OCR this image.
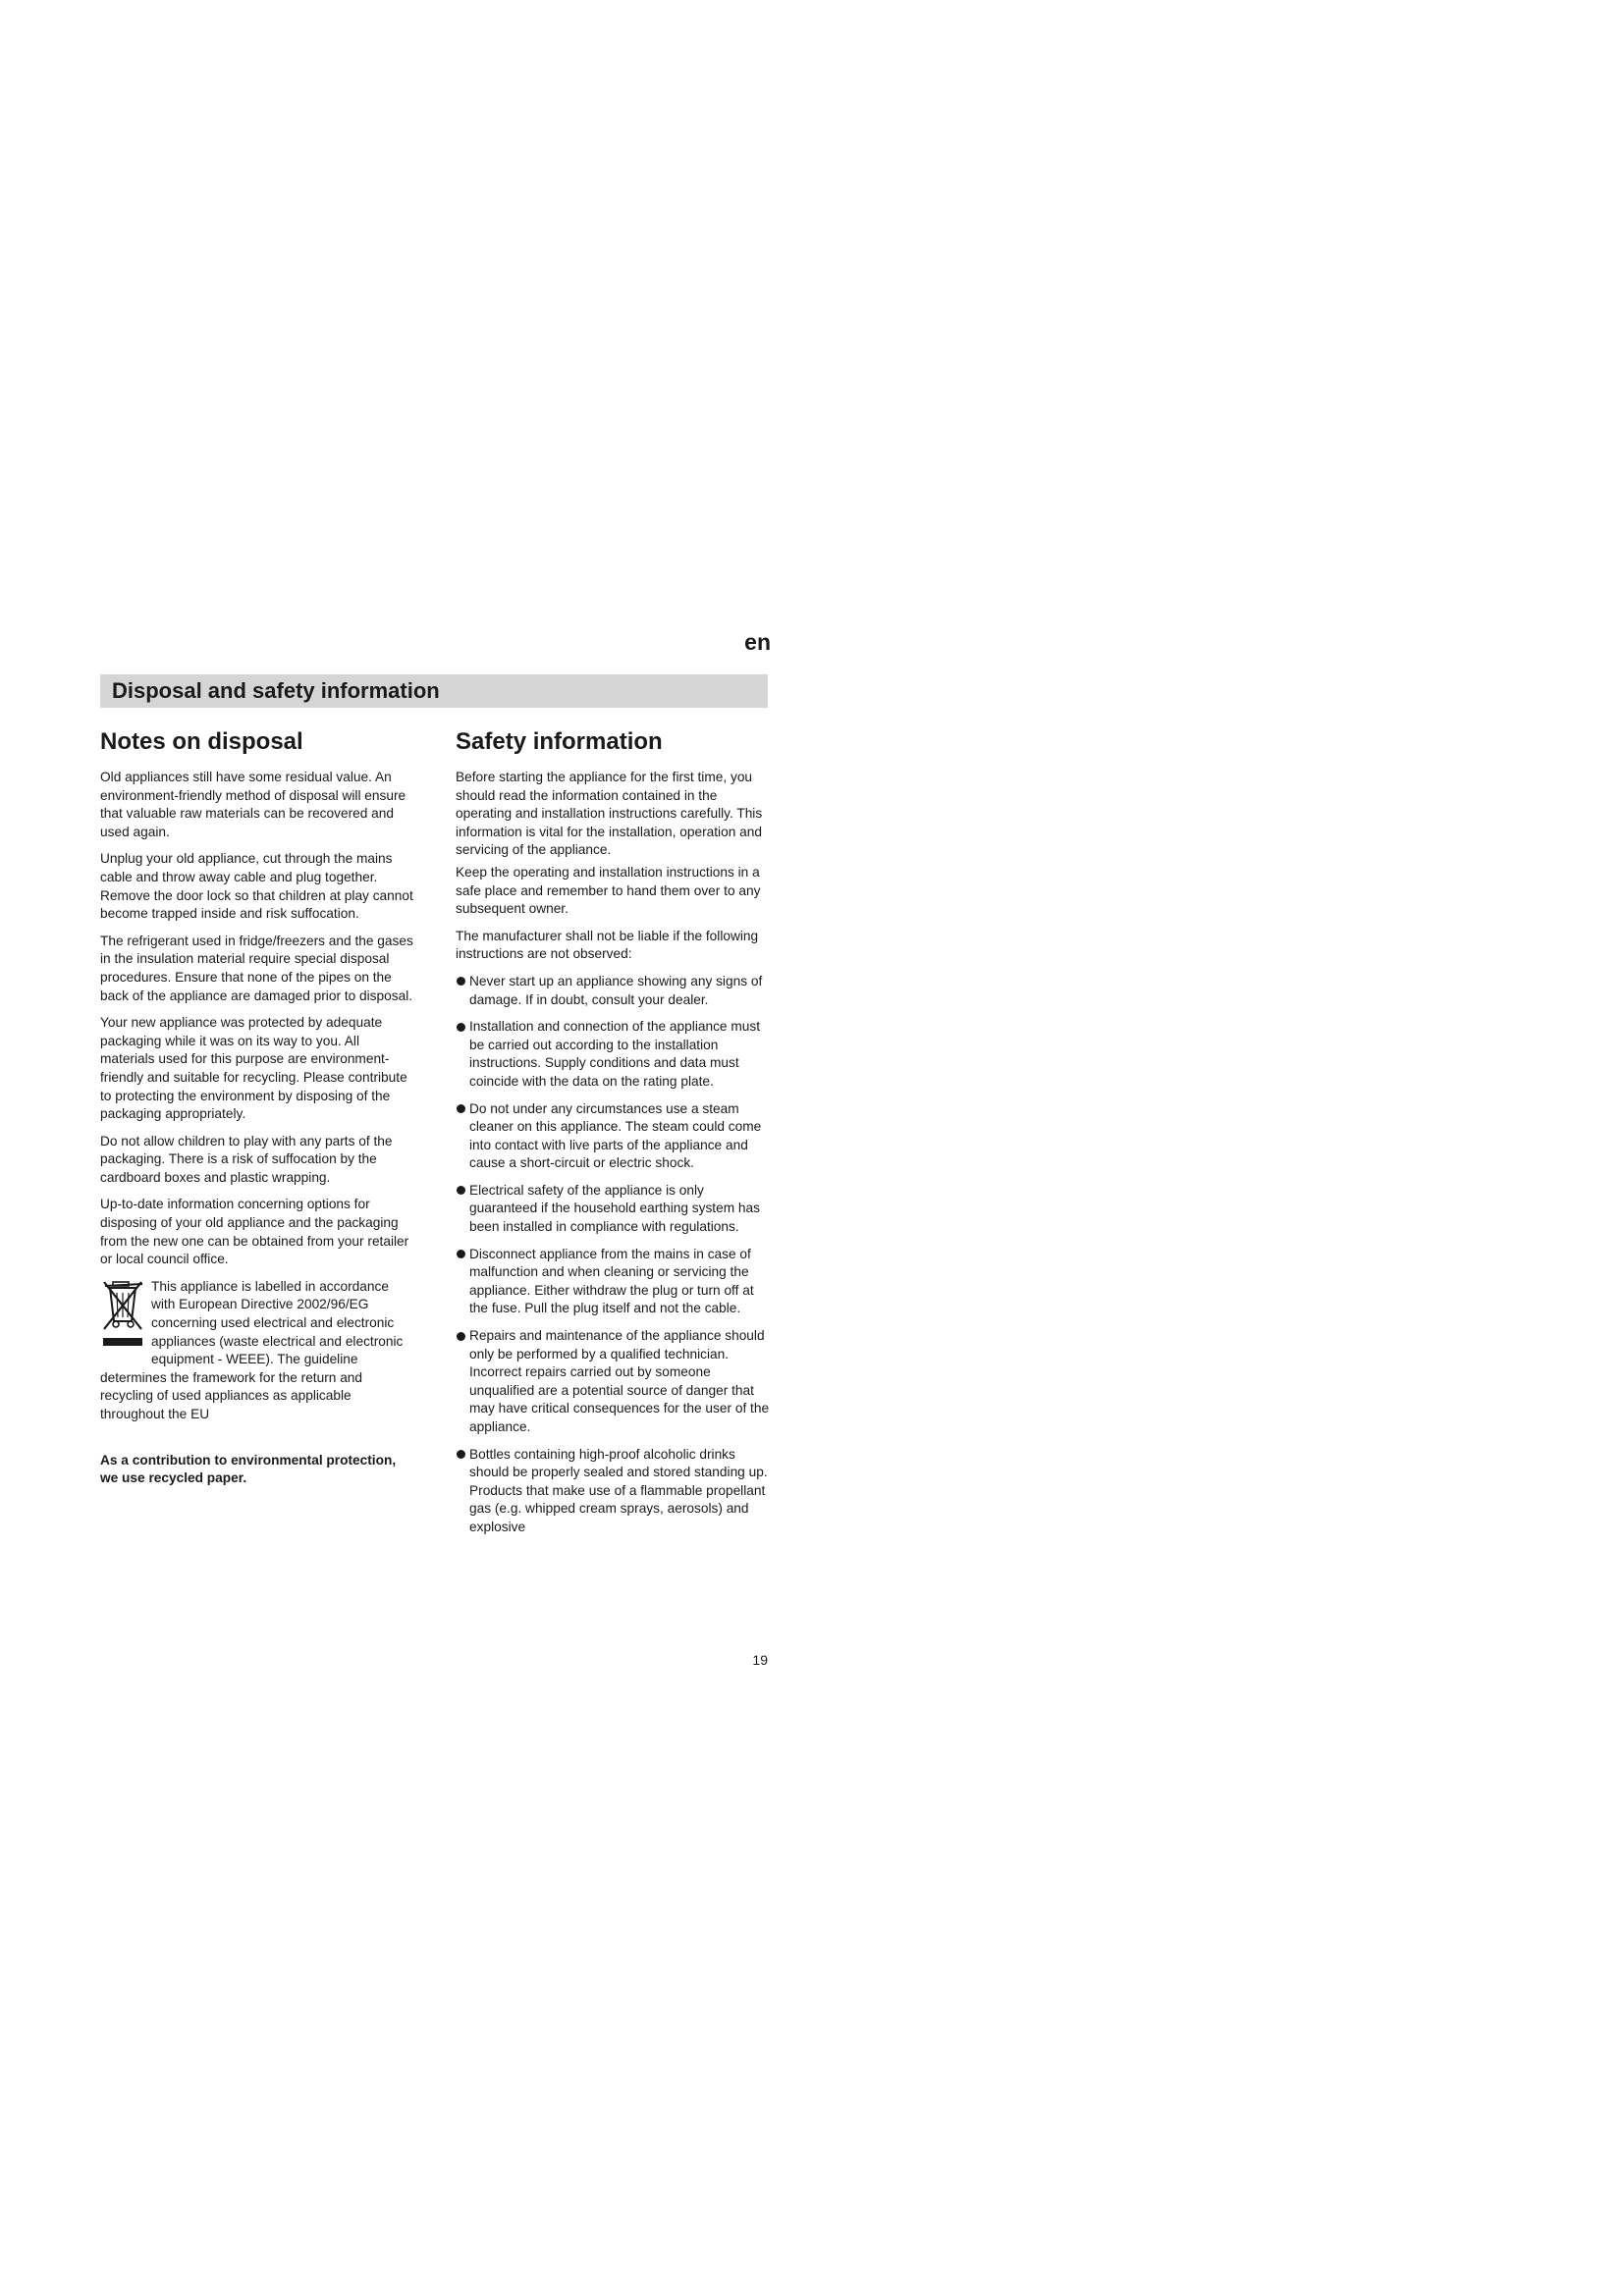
en
Disposal and safety information
Notes on disposal

Old appliances still have some residual value. An environment-friendly method of disposal will ensure that valuable raw materials can be recovered and used again.

Unplug your old appliance, cut through the mains cable and throw away cable and plug together.

Remove the door lock so that children at play cannot become trapped inside and risk suffocation.

The refrigerant used in fridge/freezers and the gases in the insulation material require special disposal procedures. Ensure that none of the pipes on the back of the appliance are damaged prior to disposal.

Your new appliance was protected by adequate packaging while it was on its way to you. All materials used for this purpose are environment-friendly and suitable for recycling. Please contribute to protecting the environment by disposing of the packaging appropriately.

Do not allow children to play with any parts of the packaging. There is a risk of suffocation by the cardboard boxes and plastic wrapping.

Up-to-date information concerning options for disposing of your old appliance and the packaging from the new one can be obtained from your retailer or local council office.

This appliance is labelled in accordance with European Directive 2002/96/EG concerning used electrical and electronic appliances (waste electrical and electronic equipment - WEEE). The guideline determines the framework for the return and recycling of used appliances as applicable throughout the EU

As a contribution to environmental protection, we use recycled paper.

Safety information

Before starting the appliance for the first time, you should read the information contained in the operating and installation instructions carefully. This information is vital for the installation, operation and servicing of the appliance.

Keep the operating and installation instructions in a safe place and remember to hand them over to any subsequent owner.

The manufacturer shall not be liable if the following instructions are not observed:

Never start up an appliance showing any signs of damage. If in doubt, consult your dealer.

Installation and connection of the appliance must be carried out according to the installation instructions. Supply conditions and data must coincide with the data on the rating plate.

Do not under any circumstances use a steam cleaner on this appliance. The steam could come into contact with live parts of the appliance and cause a short-circuit or electric shock.

Electrical safety of the appliance is only guaranteed if the household earthing system has been installed in compliance with regulations.

Disconnect appliance from the mains in case of malfunction and when cleaning or servicing the appliance. Either withdraw the plug or turn off at the fuse. Pull the plug itself and not the cable.

Repairs and maintenance of the appliance should only be performed by a qualified technician. Incorrect repairs carried out by someone unqualified are a potential source of danger that may have critical consequences for the user of the appliance.

Bottles containing high-proof alcoholic drinks should be properly sealed and stored standing up.

Products that make use of a flammable propellant gas (e.g. whipped cream sprays, aerosols) and explosive

19
